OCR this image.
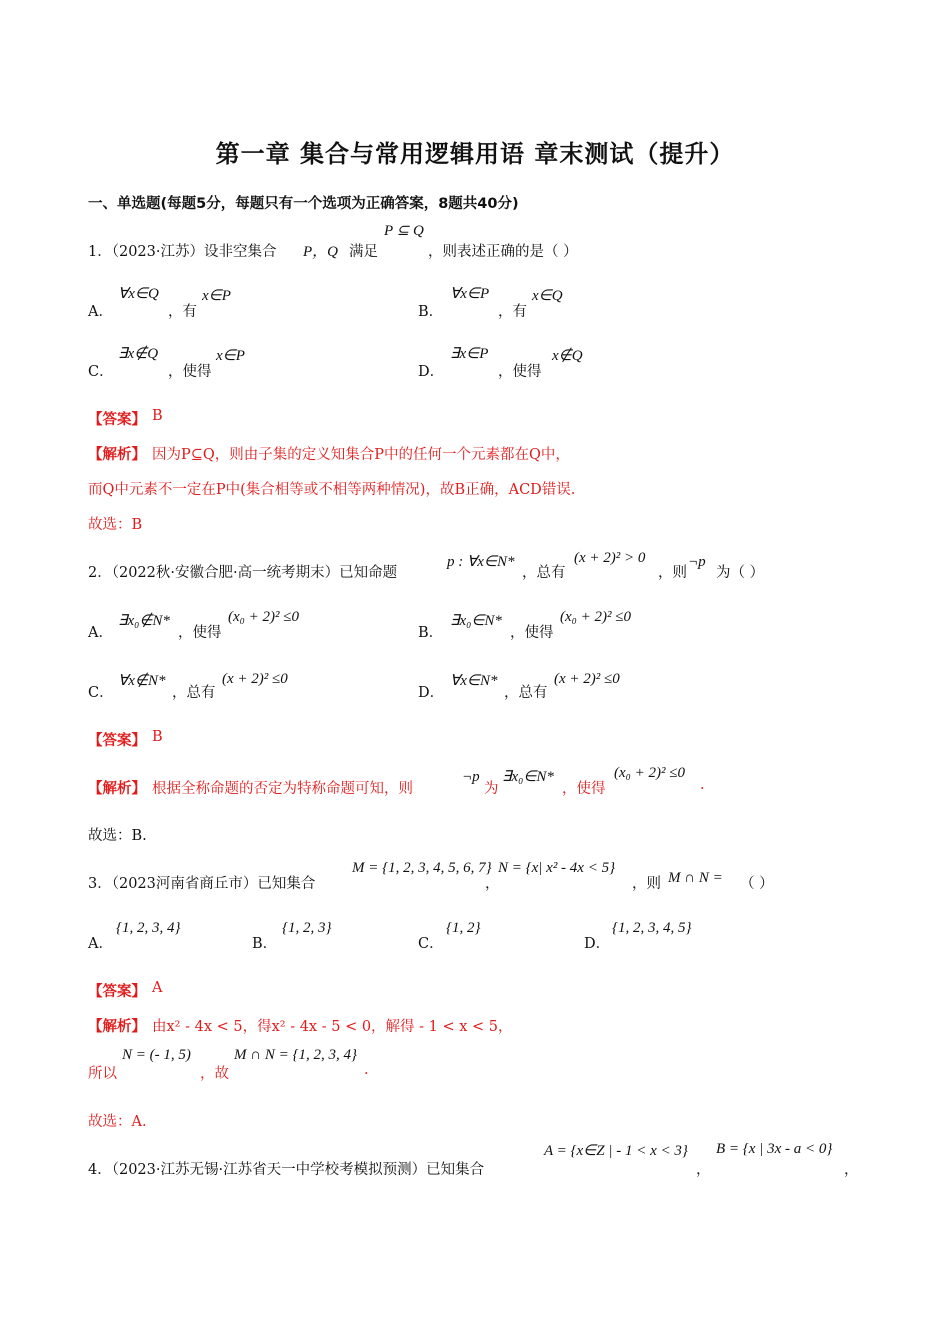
第一章 集合与常用逻辑用语 章末测试（提升）
一、单选题(每题5分，每题只有一个选项为正确答案，8题共40分)
1．（2023·江苏）设非空集合 P，Q 满足
P ⊆ Q
，则表述正确的是（ ）
A．
∀x∈Q
，有
x∈P
B．
∀x∈P
，有
x∈Q
C．
∃x∉Q
，使得
x∈P
D．
∃x∈P
，使得
x∉Q
【答案】 B
【解析】 因为P⊆Q，则由子集的定义知集合P中的任何一个元素都在Q中，
而Q中元素不一定在P中(集合相等或不相等两种情况)，故B正确，ACD错误.
故选：B
2．（2022秋·安徽合肥·高一统考期末）已知命题
p : ∀x∈N*
，总有
(x + 2)² > 0
，则
¬p
为（ ）
A．
∃x₀∉N*
，使得
(x₀ + 2)² ≤0
B．
∃x₀∈N*
，使得
(x₀ + 2)² ≤0
C．
∀x∉N*
，总有
(x + 2)² ≤0
D．
∀x∈N*
，总有
(x + 2)² ≤0
【答案】 B
【解析】 根据全称命题的否定为特称命题可知，则
¬p
为
∃x₀∈N*
，使得
(x₀ + 2)² ≤0
.
故选：B.
3．（2023河南省商丘市）已知集合
M = {1, 2, 3, 4, 5, 6, 7}
，
N = {x| x² - 4x < 5}
，则 M ∩ N = （ ）
A．
{1, 2, 3, 4}
B．
{1, 2, 3}
C．
{1, 2}
D．
{1, 2, 3, 4, 5}
【答案】 A
【解析】 由x² - 4x < 5，得x² - 4x - 5 < 0，解得 - 1 < x < 5，
所以
N = (- 1, 5)
，故
M ∩ N = {1, 2, 3, 4}
.
故选：A.
4．（2023·江苏无锡·江苏省天一中学校考模拟预测）已知集合
A = {x∈Z | - 1 < x < 3}
，
B = {x | 3x - a < 0}
，
